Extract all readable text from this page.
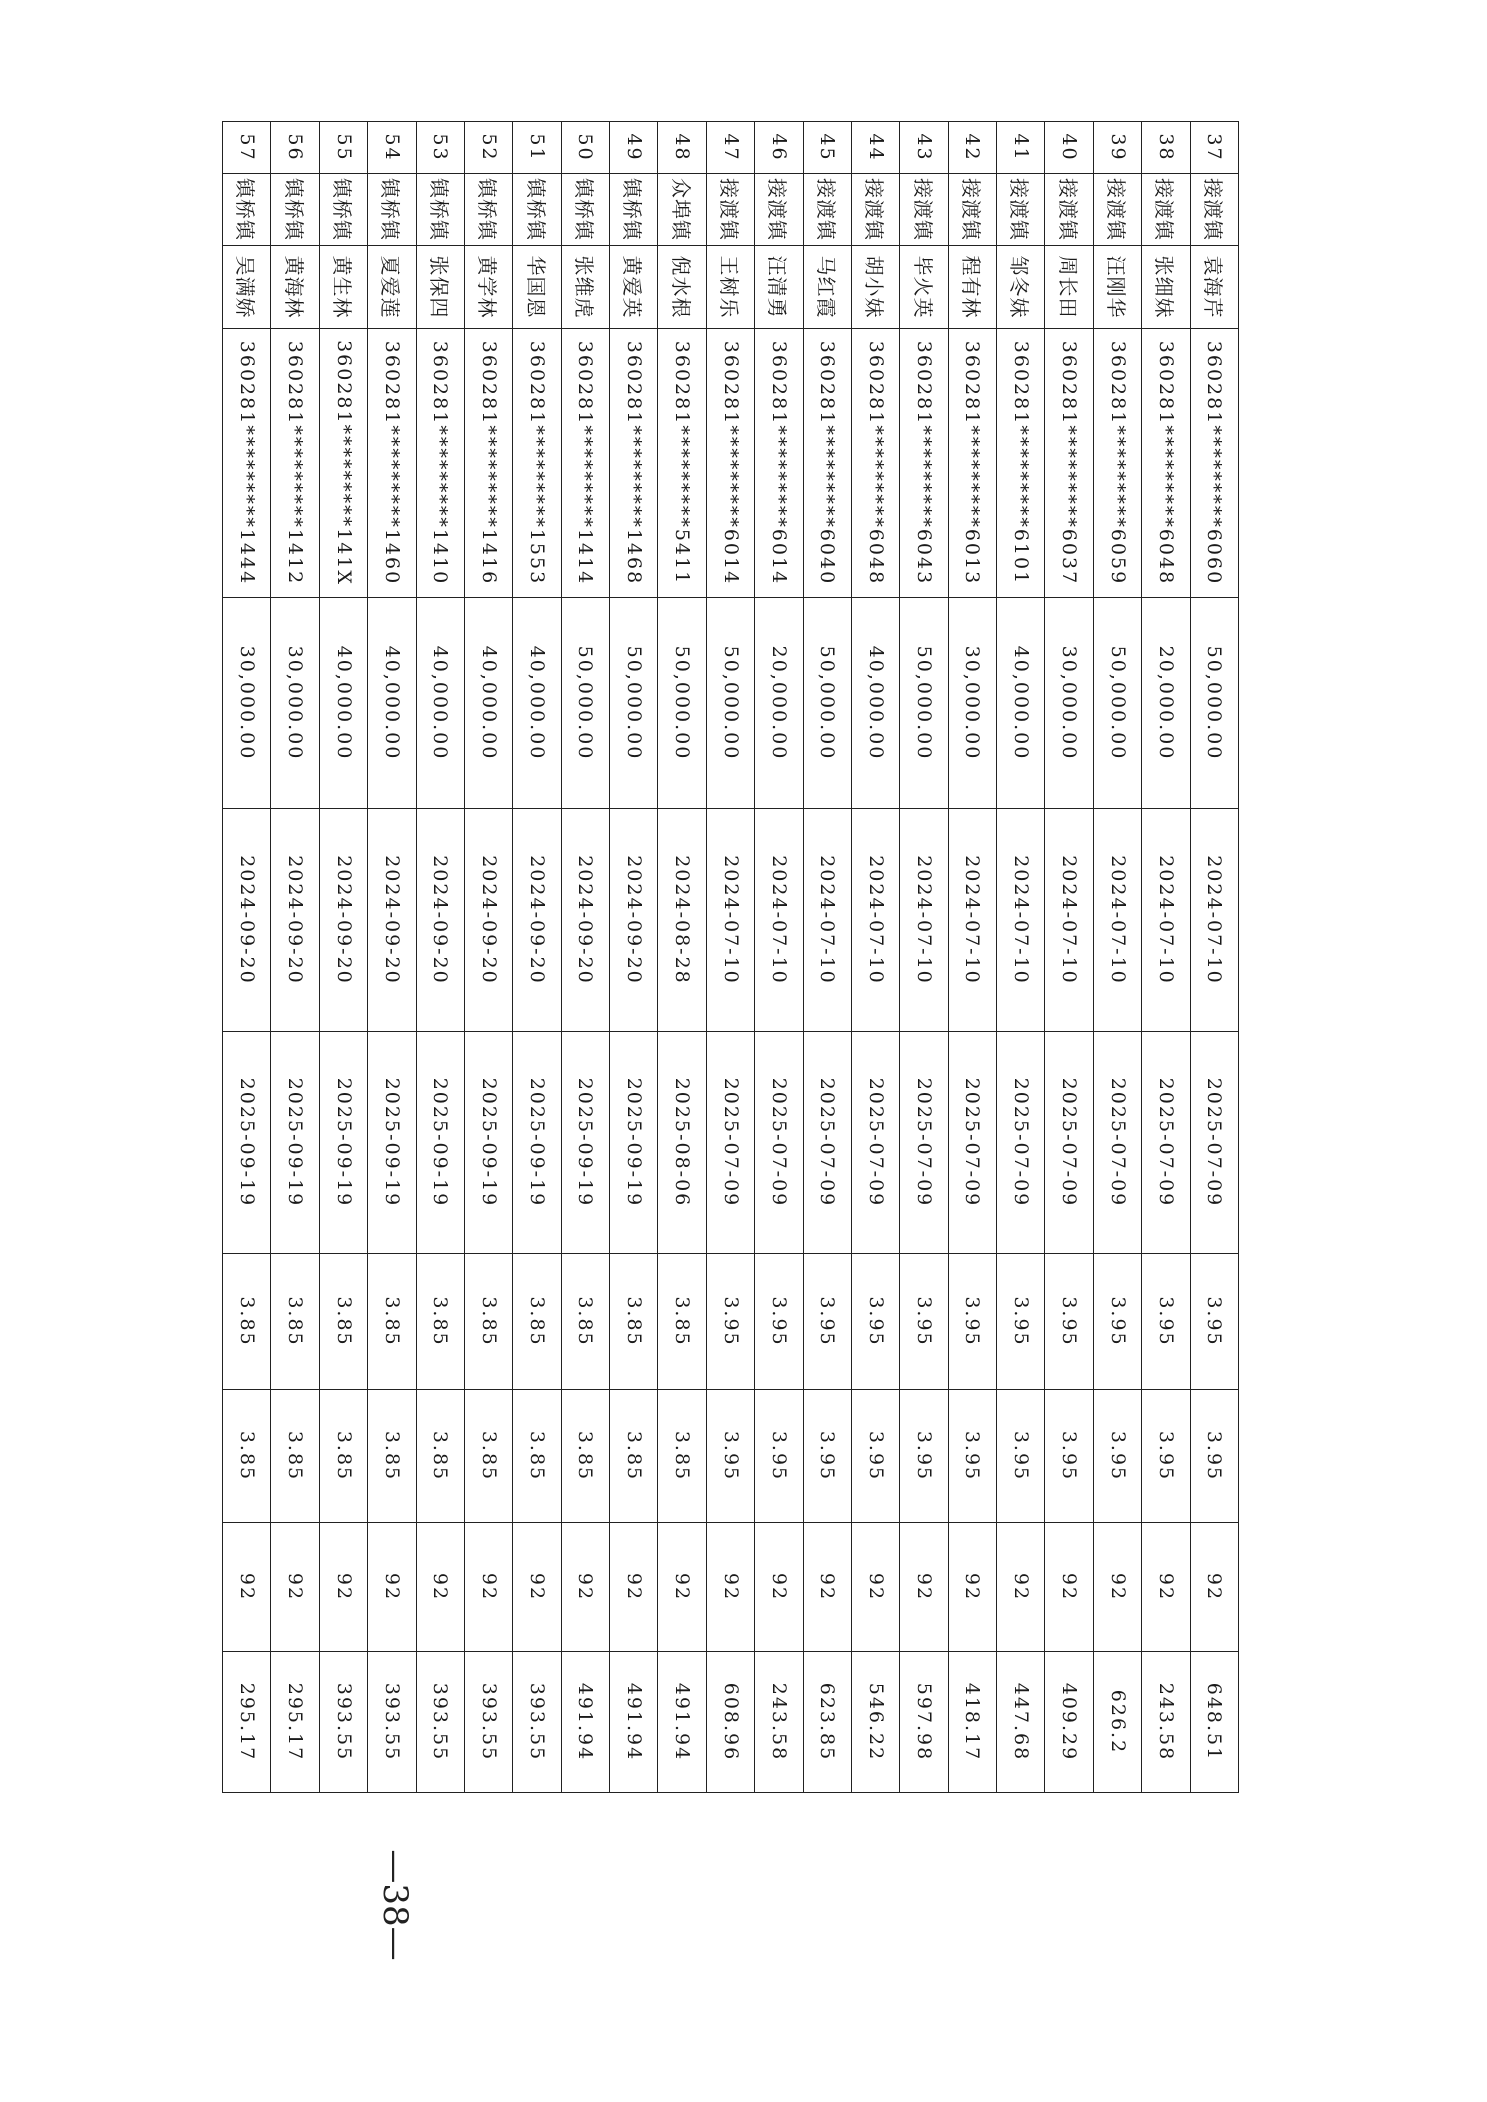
37	接渡镇	袁海芹	360281*********6060	50,000.00	2024-07-10	2025-07-09	3.95	3.95	92	648.51
38	接渡镇	张细妹	360281*********6048	20,000.00	2024-07-10	2025-07-09	3.95	3.95	92	243.58
39	接渡镇	汪刚华	360281*********6059	50,000.00	2024-07-10	2025-07-09	3.95	3.95	92	626.2
40	接渡镇	周长田	360281*********6037	30,000.00	2024-07-10	2025-07-09	3.95	3.95	92	409.29
41	接渡镇	邹冬妹	360281*********6101	40,000.00	2024-07-10	2025-07-09	3.95	3.95	92	447.68
42	接渡镇	程有林	360281*********6013	30,000.00	2024-07-10	2025-07-09	3.95	3.95	92	418.17
43	接渡镇	毕火英	360281*********6043	50,000.00	2024-07-10	2025-07-09	3.95	3.95	92	597.98
44	接渡镇	胡小妹	360281*********6048	40,000.00	2024-07-10	2025-07-09	3.95	3.95	92	546.22
45	接渡镇	马红霞	360281*********6040	50,000.00	2024-07-10	2025-07-09	3.95	3.95	92	623.85
46	接渡镇	汪清勇	360281*********6014	20,000.00	2024-07-10	2025-07-09	3.95	3.95	92	243.58
47	接渡镇	王树乐	360281*********6014	50,000.00	2024-07-10	2025-07-09	3.95	3.95	92	608.96
48	众埠镇	倪水根	360281*********5411	50,000.00	2024-08-28	2025-08-06	3.85	3.85	92	491.94
49	镇桥镇	黄爱英	360281*********1468	50,000.00	2024-09-20	2025-09-19	3.85	3.85	92	491.94
50	镇桥镇	张维虎	360281*********1414	50,000.00	2024-09-20	2025-09-19	3.85	3.85	92	491.94
51	镇桥镇	华国恩	360281*********1553	40,000.00	2024-09-20	2025-09-19	3.85	3.85	92	393.55
52	镇桥镇	黄学林	360281*********1416	40,000.00	2024-09-20	2025-09-19	3.85	3.85	92	393.55
53	镇桥镇	张保四	360281*********1410	40,000.00	2024-09-20	2025-09-19	3.85	3.85	92	393.55
54	镇桥镇	夏爱莲	360281*********1460	40,000.00	2024-09-20	2025-09-19	3.85	3.85	92	393.55
55	镇桥镇	黄生林	360281*********141X	40,000.00	2024-09-20	2025-09-19	3.85	3.85	92	393.55
56	镇桥镇	黄海林	360281*********1412	30,000.00	2024-09-20	2025-09-19	3.85	3.85	92	295.17
57	镇桥镇	吴满娇	360281*********1444	30,000.00	2024-09-20	2025-09-19	3.85	3.85	92	295.17
—38—
